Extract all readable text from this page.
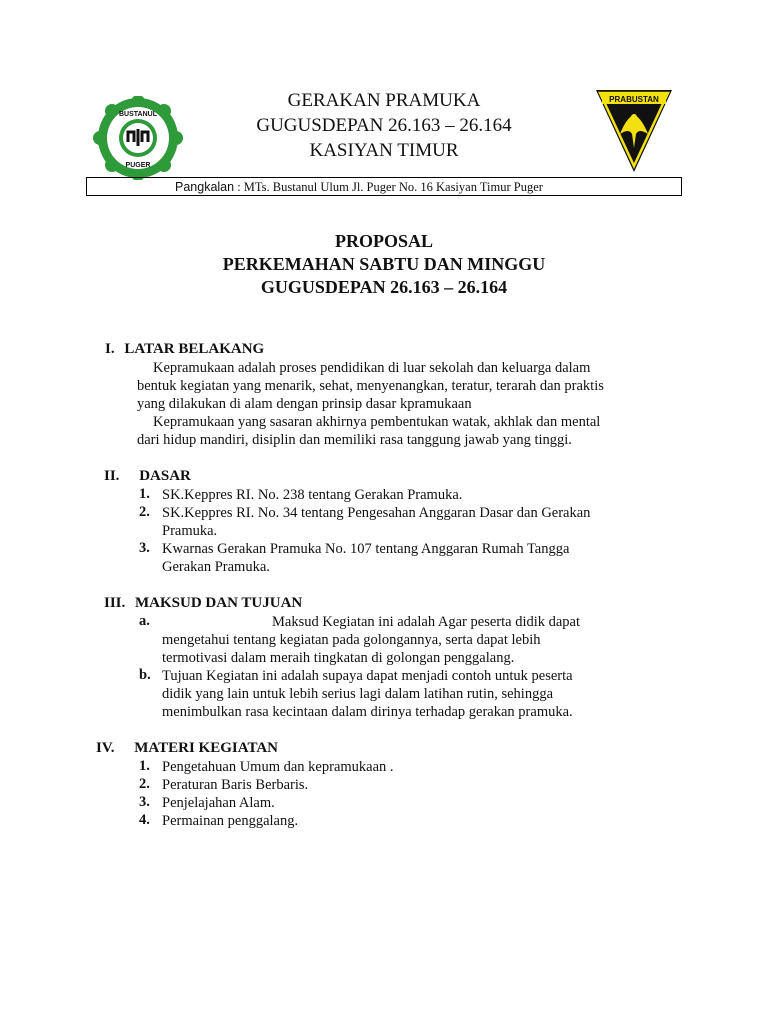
BUSTANUL
PUGER
PRABUSTAN
GERAKAN PRAMUKA
GUGUSDEPAN 26.163 – 26.164
KASIYAN TIMUR
Pangkalan : MTs. Bustanul Ulum Jl. Puger No. 16 Kasiyan Timur Puger
PROPOSAL
PERKEMAHAN SABTU DAN MINGGU
GUGUSDEPAN 26.163 – 26.164
I. LATAR BELAKANG
Kepramukaan adalah proses pendidikan di luar sekolah dan keluarga dalam
bentuk kegiatan yang menarik, sehat, menyenangkan, teratur, terarah dan praktis
yang dilakukan di alam dengan prinsip dasar kpramukaan
Kepramukaan yang sasaran akhirnya pembentukan watak, akhlak dan mental
dari hidup mandiri, disiplin dan memiliki rasa tanggung jawab yang tinggi.
II. DASAR
1. SK.Keppres RI. No. 238 tentang Gerakan Pramuka.
2. SK.Keppres RI. No. 34 tentang Pengesahan Anggaran Dasar dan Gerakan
Pramuka.
3. Kwarnas Gerakan Pramuka No. 107 tentang Anggaran Rumah Tangga
Gerakan Pramuka.
III. MAKSUD DAN TUJUAN
a.	Maksud Kegiatan ini adalah Agar peserta didik dapat
mengetahui tentang kegiatan pada golongannya, serta dapat lebih
termotivasi dalam meraih tingkatan di golongan penggalang.
b. Tujuan Kegiatan ini adalah supaya dapat menjadi contoh untuk peserta
didik yang lain untuk lebih serius lagi dalam latihan rutin, sehingga
menimbulkan rasa kecintaan dalam dirinya terhadap gerakan pramuka.
IV. MATERI KEGIATAN
1. Pengetahuan Umum dan kepramukaan .
2. Peraturan Baris Berbaris.
3. Penjelajahan Alam.
4. Permainan penggalang.
